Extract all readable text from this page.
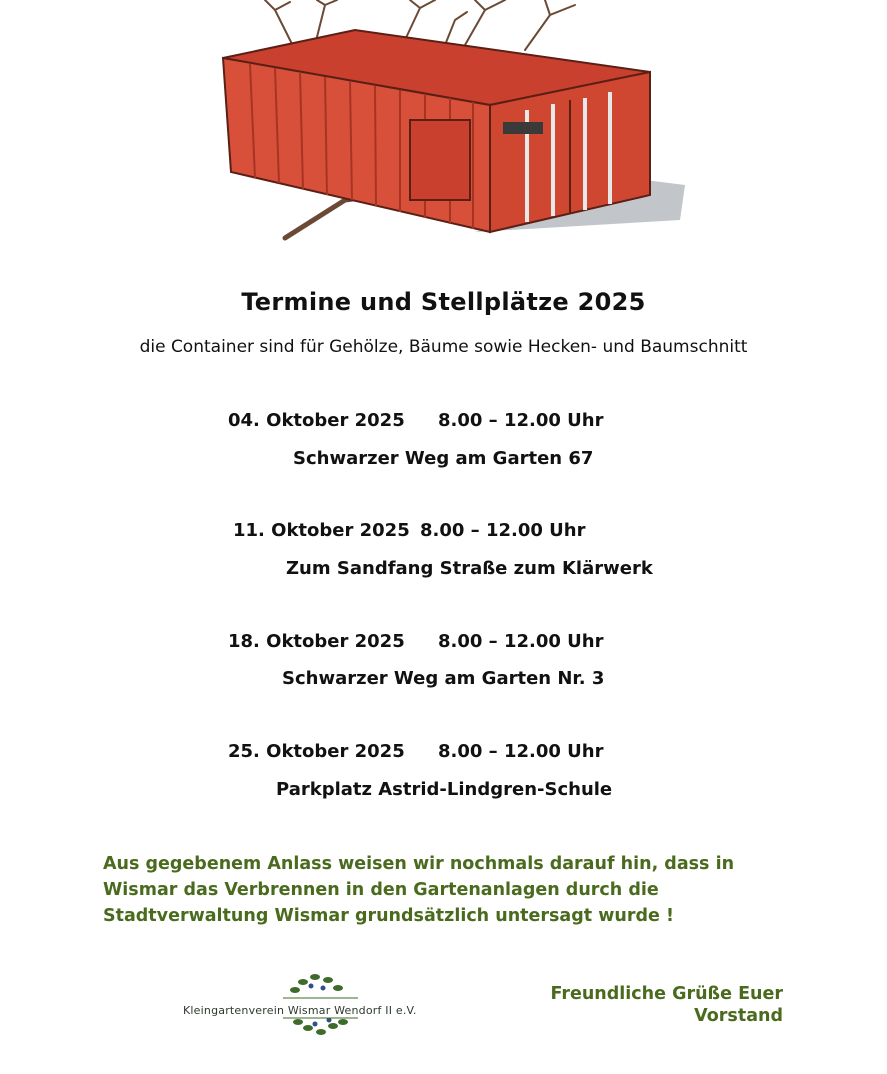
Termine und Stellplätze 2025
die Container sind für Gehölze, Bäume sowie Hecken- und Baumschnitt
04. Oktober 2025 8.00 – 12.00 Uhr
Schwarzer Weg am Garten 67
11. Oktober 2025 8.00 – 12.00 Uhr
Zum Sandfang Straße zum Klärwerk
18. Oktober 2025 8.00 – 12.00 Uhr
Schwarzer Weg am Garten Nr. 3
25. Oktober 2025 8.00 – 12.00 Uhr
Parkplatz Astrid-Lindgren-Schule
Aus gegebenem Anlass weisen wir nochmals darauf hin, dass in Wismar das Verbrennen in den Gartenanlagen durch die Stadtverwaltung Wismar grundsätzlich untersagt wurde !
Kleingartenverein Wismar Wendorf II e.V.
Freundliche Grüße Euer
Vorstand
